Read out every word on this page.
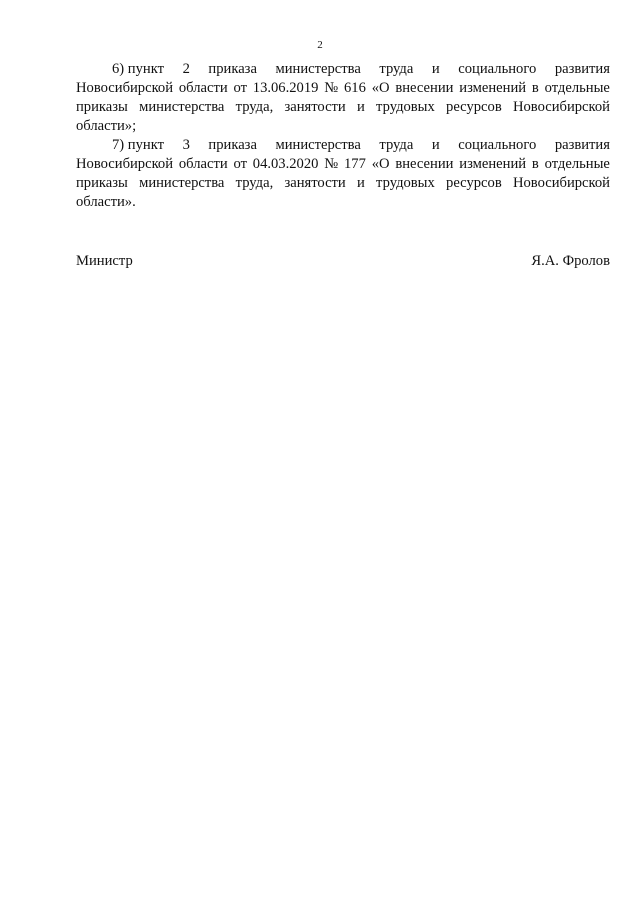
2
6) пункт 2 приказа министерства труда и социального развития
Новосибирской области от 13.06.2019 № 616 «О внесении изменений в отдельные
приказы министерства труда, занятости и трудовых ресурсов Новосибирской
области»;
7) пункт 3 приказа министерства труда и социального развития
Новосибирской области от 04.03.2020 № 177 «О внесении изменений в отдельные
приказы министерства труда, занятости и трудовых ресурсов Новосибирской
области».
Министр	Я.А. Фролов
